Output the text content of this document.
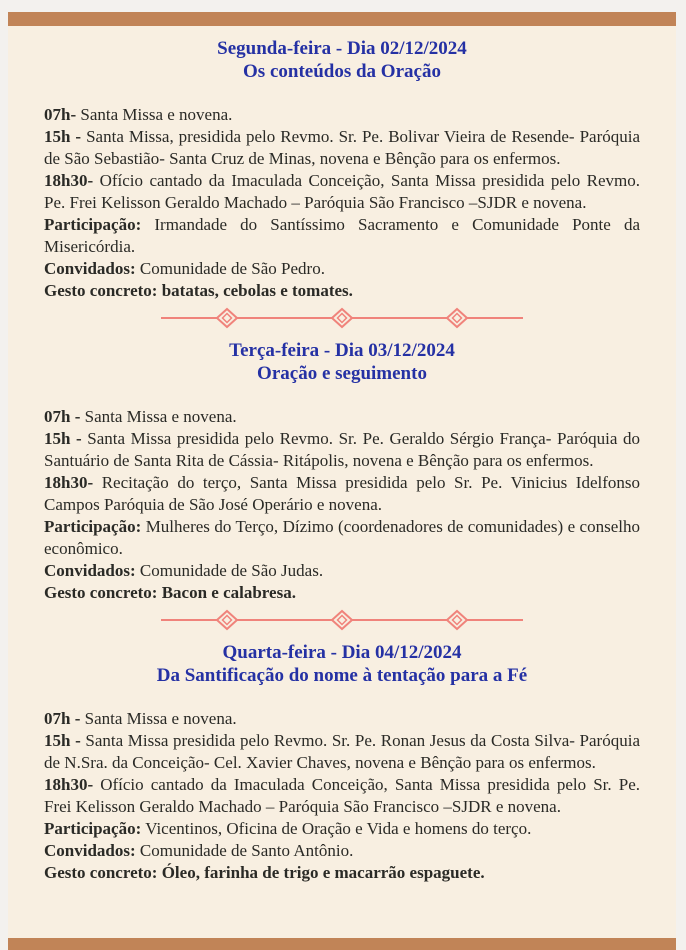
Segunda-feira - Dia 02/12/2024
Os conteúdos da Oração

07h- Santa Missa e novena.

15h - Santa Missa, presidida pelo Revmo. Sr. Pe. Bolivar Vieira de Resende- Paróquia de São Sebastião- Santa Cruz de Minas, novena e Bênção para os enfermos.

18h30- Ofício cantado da Imaculada Conceição, Santa Missa presidida pelo Revmo. Pe. Frei Kelisson Geraldo Machado – Paróquia São Francisco –SJDR e novena.

Participação: Irmandade do Santíssimo Sacramento e Comunidade Ponte da Misericórdia.

Convidados: Comunidade de São Pedro.

Gesto concreto: batatas, cebolas e tomates.

Terça-feira - Dia 03/12/2024
Oração e seguimento

07h - Santa Missa e novena.

15h - Santa Missa presidida pelo Revmo. Sr. Pe. Geraldo Sérgio França- Paróquia do Santuário de Santa Rita de Cássia- Ritápolis, novena e Bênção para os enfermos.

18h30- Recitação do terço, Santa Missa presidida pelo Sr. Pe. Vinicius Idelfonso Campos Paróquia de São José Operário e novena.

Participação: Mulheres do Terço, Dízimo (coordenadores de comunidades) e conselho econômico.

Convidados: Comunidade de São Judas.

Gesto concreto: Bacon e calabresa.

Quarta-feira - Dia 04/12/2024
Da Santificação do nome à tentação para a Fé

07h - Santa Missa e novena.

15h - Santa Missa presidida pelo Revmo. Sr. Pe. Ronan Jesus da Costa Silva- Paróquia de N.Sra. da Conceição- Cel. Xavier Chaves, novena e Bênção para os enfermos.

18h30- Ofício cantado da Imaculada Conceição, Santa Missa presidida pelo Sr. Pe. Frei Kelisson Geraldo Machado – Paróquia São Francisco –SJDR e novena.

Participação: Vicentinos, Oficina de Oração e Vida e homens do terço.

Convidados: Comunidade de Santo Antônio.

Gesto concreto: Óleo, farinha de trigo e macarrão espaguete.
